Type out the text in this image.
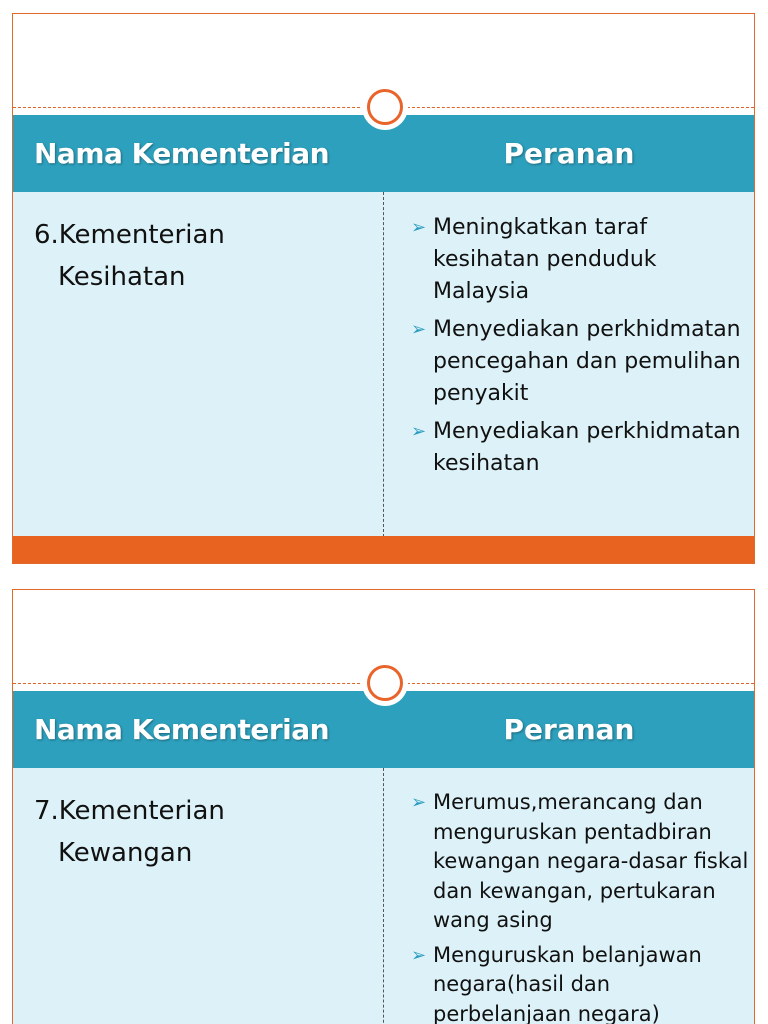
Nama Kementerian	Peranan
6.Kementerian
Kesihatan
➢ Meningkatkan taraf kesihatan penduduk Malaysia
➢ Menyediakan perkhidmatan pencegahan dan pemulihan penyakit
➢ Menyediakan perkhidmatan kesihatan
Nama Kementerian	Peranan
7.Kementerian
Kewangan
➢ Merumus,merancang dan menguruskan pentadbiran kewangan negara-dasar fiskal dan kewangan, pertukaran wang asing
➢ Menguruskan belanjawan negara(hasil dan perbelanjaan negara)
